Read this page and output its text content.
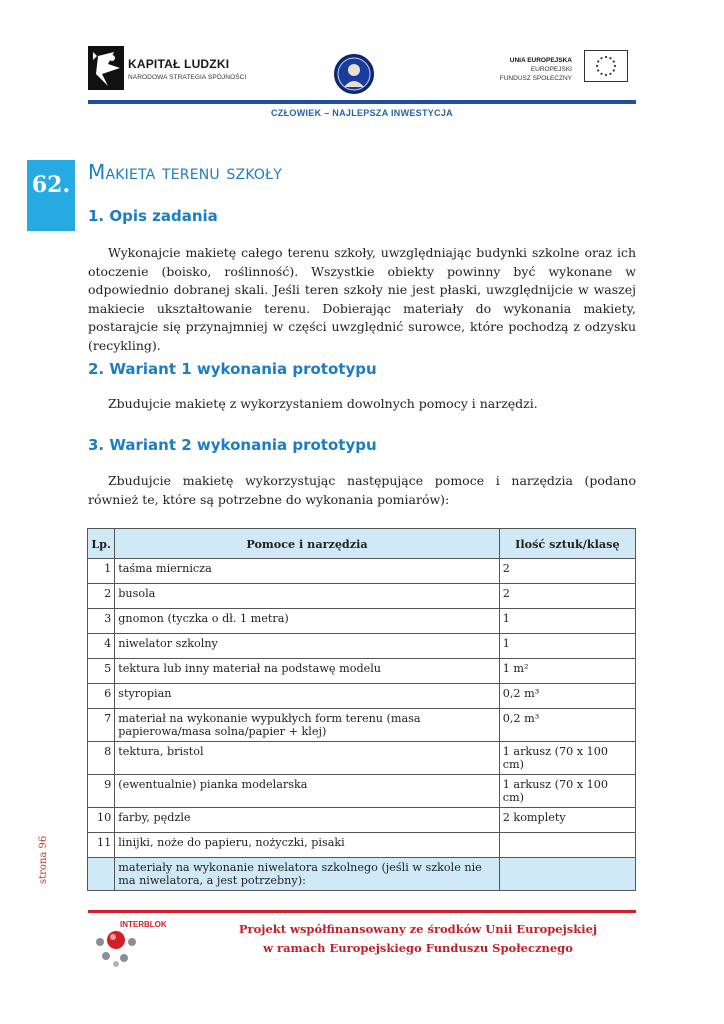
KAPITAŁ LUDZKI
NARODOWA STRATEGIA SPÓJNOŚCI
UNIA EUROPEJSKA
EUROPEJSKI
FUNDUSZ SPOŁECZNY
CZŁOWIEK – NAJLEPSZA INWESTYCJA
62. Makieta terenu szkoły
1. Opis zadania

Wykonajcie makietę całego terenu szkoły, uwzględniając budynki szkolne oraz ich otoczenie (boisko, roślinność). Wszystkie obiekty powinny być wykonane w odpowiednio dobranej skali. Jeśli teren szkoły nie jest płaski, uwzględnijcie w waszej makiecie ukształtowanie terenu. Dobierając materiały do wykonania makiety, postarajcie się przynajmniej w części uwzględnić surowce, które pochodzą z odzysku (recykling).

2. Wariant 1 wykonania prototypu

Zbudujcie makietę z wykorzystaniem dowolnych pomocy i narzędzi.

3. Wariant 2 wykonania prototypu

Zbudujcie makietę wykorzystując następujące pomoce i narzędzia (podano również te, które są potrzebne do wykonania pomiarów):

Lp.	Pomoce i narzędzia	Ilość sztuk/klasę
1	taśma miernicza	2
2	busola	2
3	gnomon (tyczka o dł. 1 metra)	1
4	niwelator szkolny	1
5	tektura lub inny materiał na podstawę modelu	1 m²
6	styropian	0,2 m³
7	materiał na wykonanie wypukłych form terenu (masa papierowa/masa solna/papier + klej)	0,2 m³
8	tektura, bristol	1 arkusz (70 x 100 cm)
9	(ewentualnie) pianka modelarska	1 arkusz (70 x 100 cm)
10	farby, pędzle	2 komplety
11	linijki, noże do papieru, nożyczki, pisaki	
	materiały na wykonanie niwelatora szkolnego (jeśli w szkole nie ma niwelatora, a jest potrzebny):	
strona 96
INTERBLOK	Projekt współfinansowany ze środków Unii Europejskiej
w ramach Europejskiego Funduszu Społecznego
